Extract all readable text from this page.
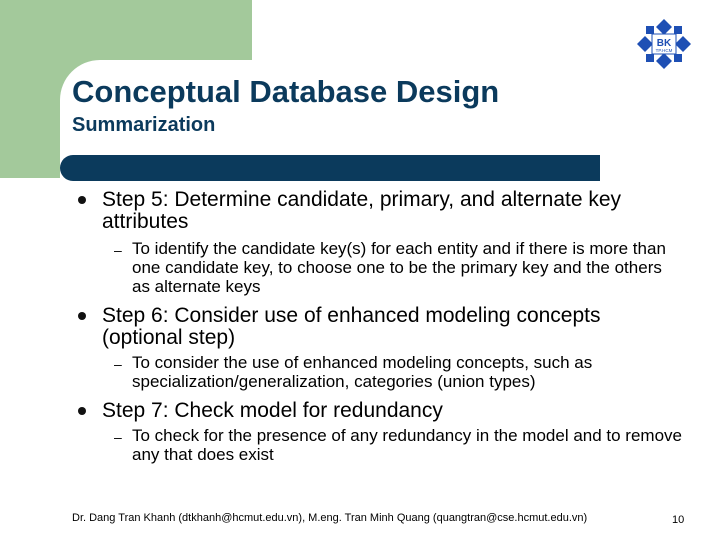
BK
TP.HCM
Conceptual Database Design
Summarization

Step 5: Determine candidate, primary, and alternate key attributes

– To identify the candidate key(s) for each entity and if there is more than one candidate key, to choose one to be the primary key and the others as alternate keys

Step 6: Consider use of enhanced modeling concepts (optional step)

– To consider the use of enhanced modeling concepts, such as specialization/generalization, categories (union types)

Step 7: Check model for redundancy

– To check for the presence of any redundancy in the model and to remove any that does exist

Dr. Dang Tran Khanh (dtkhanh@hcmut.edu.vn), M.eng. Tran Minh Quang (quangtran@cse.hcmut.edu.vn)	10
